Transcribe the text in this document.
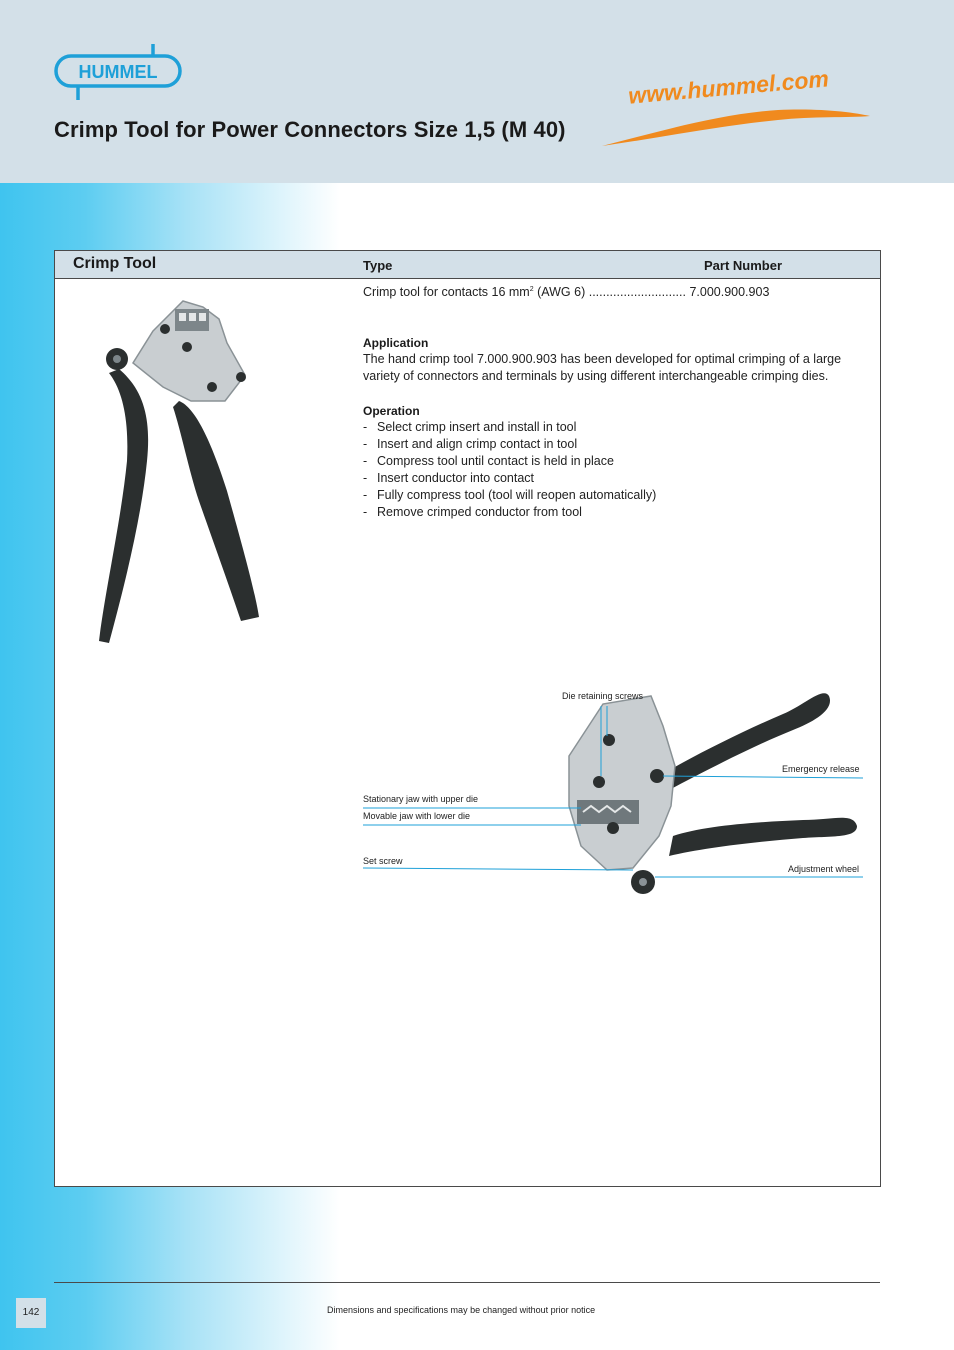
HUMMEL
Crimp Tool for Power Connectors Size 1,5 (M 40)
www.hummel.com
Crimp Tool	Type	Part Number
Crimp tool for contacts 16 $mm^2$ (AWG 6) ............................ 7.000.900.903
Application

The hand crimp tool 7.000.900.903 has been developed for optimal crimping of a large variety of connectors and terminals by using different interchangeable crimping dies.

Operation
- Select crimp insert and install in tool
- Insert and align crimp contact in tool
- Compress tool until contact is held in place
- Insert conductor into contact
- Fully compress tool (tool will reopen automatically)
- Remove crimped conductor from tool
Die retaining screws
Emergency release
Stationary jaw with upper die
Movable jaw with lower die
Set screw
Adjustment wheel
142	Dimensions and specifications may be changed without prior notice
